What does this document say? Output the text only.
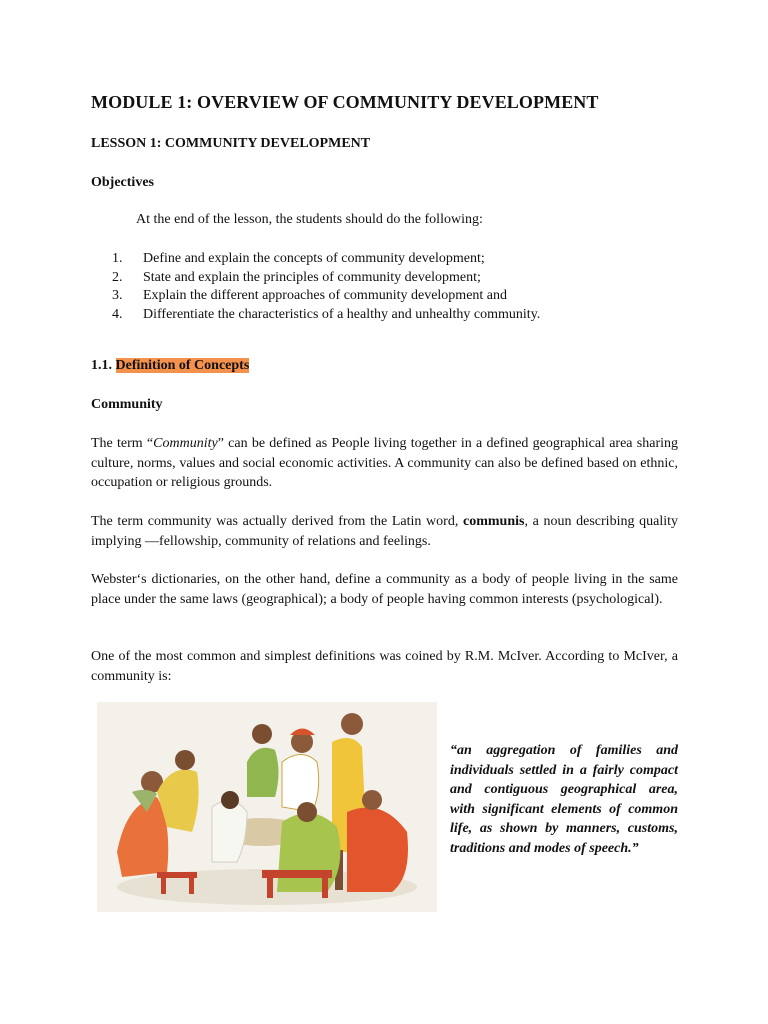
MODULE 1: OVERVIEW OF COMMUNITY DEVELOPMENT
LESSON 1: COMMUNITY DEVELOPMENT
Objectives
At the end of the lesson, the students should do the following:
1.	Define and explain the concepts of community development;
2.	State and explain the principles of community development;
3.	Explain the different approaches of community development and
4.	Differentiate the characteristics of a healthy and unhealthy community.
1.1. Definition of Concepts
Community
The term “Community” can be defined as People living together in a defined geographical area sharing culture, norms, values and social economic activities. A community can also be defined based on ethnic, occupation or religious grounds.
The term community was actually derived from the Latin word, communis, a noun describing quality implying —fellowship, community of relations and feelings.
Webster‘s dictionaries, on the other hand, define a community as a body of people living in the same place under the same laws (geographical); a body of people having common interests (psychological).
One of the most common and simplest definitions was coined by R.M. McIver. According to McIver, a community is:
“an aggregation of families and individuals settled in a fairly compact and contiguous geographical area, with significant elements of common life, as shown by manners, customs, traditions and modes of speech.”
